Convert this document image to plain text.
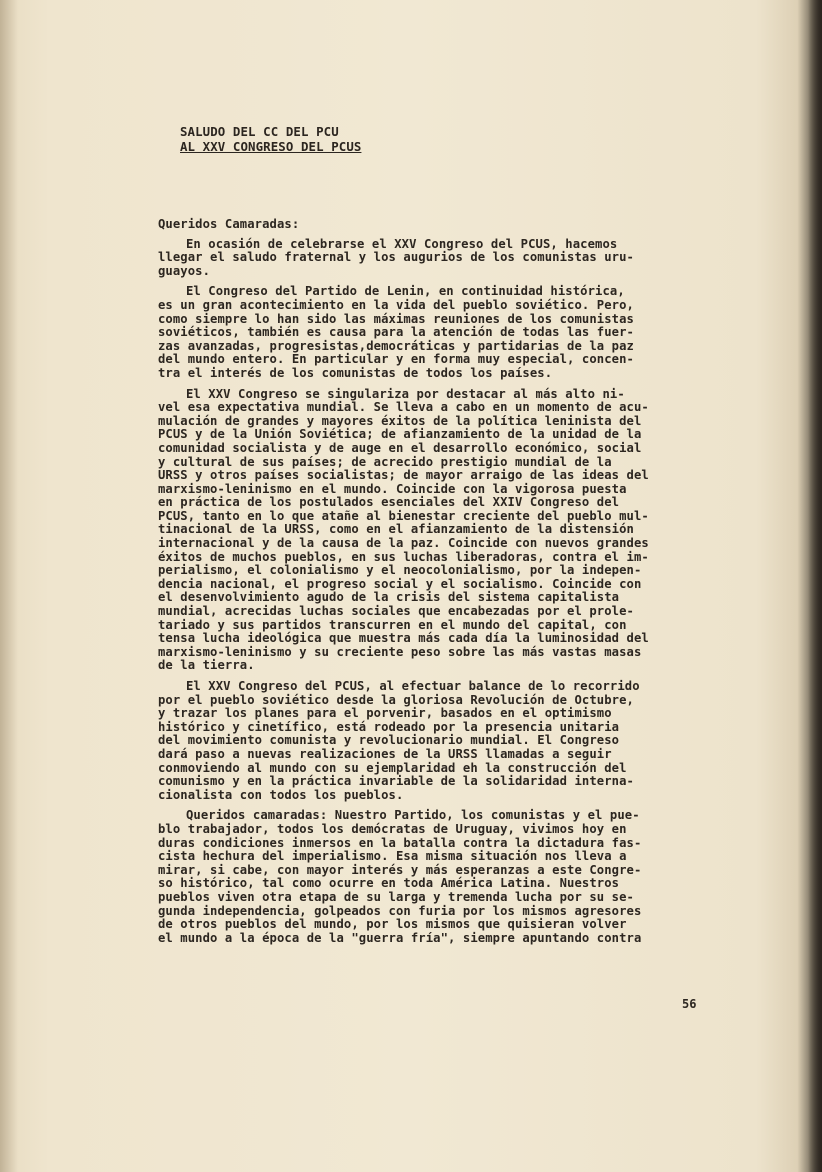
SALUDO DEL CC DEL PCU
AL XXV CONGRESO DEL PCUS
Queridos Camaradas:
En ocasión de celebrarse el XXV Congreso del PCUS, hacemos
llegar el saludo fraternal y los augurios de los comunistas uru-
guayos.
El Congreso del Partido de Lenin, en continuidad histórica,
es un gran acontecimiento en la vida del pueblo soviético. Pero,
como siempre lo han sido las máximas reuniones de los comunistas
soviéticos, también es causa para la atención de todas las fuer-
zas avanzadas, progresistas,democráticas y partidarias de la paz
del mundo entero. En particular y en forma muy especial, concen-
tra el interés de los comunistas de todos los países.
El XXV Congreso se singulariza por destacar al más alto ni-
vel esa expectativa mundial. Se lleva a cabo en un momento de acu-
mulación de grandes y mayores éxitos de la política leninista del
PCUS y de la Unión Soviética; de afianzamiento de la unidad de la
comunidad socialista y de auge en el desarrollo económico, social
y cultural de sus países; de acrecido prestigio mundial de la
URSS y otros países socialistas; de mayor arraigo de las ideas del
marxismo-leninismo en el mundo. Coincide con la vigorosa puesta
en práctica de los postulados esenciales del XXIV Congreso del
PCUS, tanto en lo que atañe al bienestar creciente del pueblo mul-
tinacional de la URSS, como en el afianzamiento de la distensión
internacional y de la causa de la paz. Coincide con nuevos grandes
éxitos de muchos pueblos, en sus luchas liberadoras, contra el im-
perialismo, el colonialismo y el neocolonialismo, por la indepen-
dencia nacional, el progreso social y el socialismo. Coincide con
el desenvolvimiento agudo de la crisis del sistema capitalista
mundial, acrecidas luchas sociales que encabezadas por el prole-
tariado y sus partidos transcurren en el mundo del capital, con
tensa lucha ideológica que muestra más cada día la luminosidad del
marxismo-leninismo y su creciente peso sobre las más vastas masas
de la tierra.
El XXV Congreso del PCUS, al efectuar balance de lo recorrido
por el pueblo soviético desde la gloriosa Revolución de Octubre,
y trazar los planes para el porvenir, basados en el optimismo
histórico y cinetífico, está rodeado por la presencia unitaria
del movimiento comunista y revolucionario mundial. El Congreso
dará paso a nuevas realizaciones de la URSS llamadas a seguir
conmoviendo al mundo con su ejemplaridad eh la construcción del
comunismo y en la práctica invariable de la solidaridad interna-
cionalista con todos los pueblos.
Queridos camaradas: Nuestro Partido, los comunistas y el pue-
blo trabajador, todos los demócratas de Uruguay, vivimos hoy en
duras condiciones inmersos en la batalla contra la dictadura fas-
cista hechura del imperialismo. Esa misma situación nos lleva a
mirar, si cabe, con mayor interés y más esperanzas a este Congre-
so histórico, tal como ocurre en toda América Latina. Nuestros
pueblos viven otra etapa de su larga y tremenda lucha por su se-
gunda independencia, golpeados con furia por los mismos agresores
de otros pueblos del mundo, por los mismos que quisieran volver
el mundo a la época de la "guerra fría", siempre apuntando contra
56
